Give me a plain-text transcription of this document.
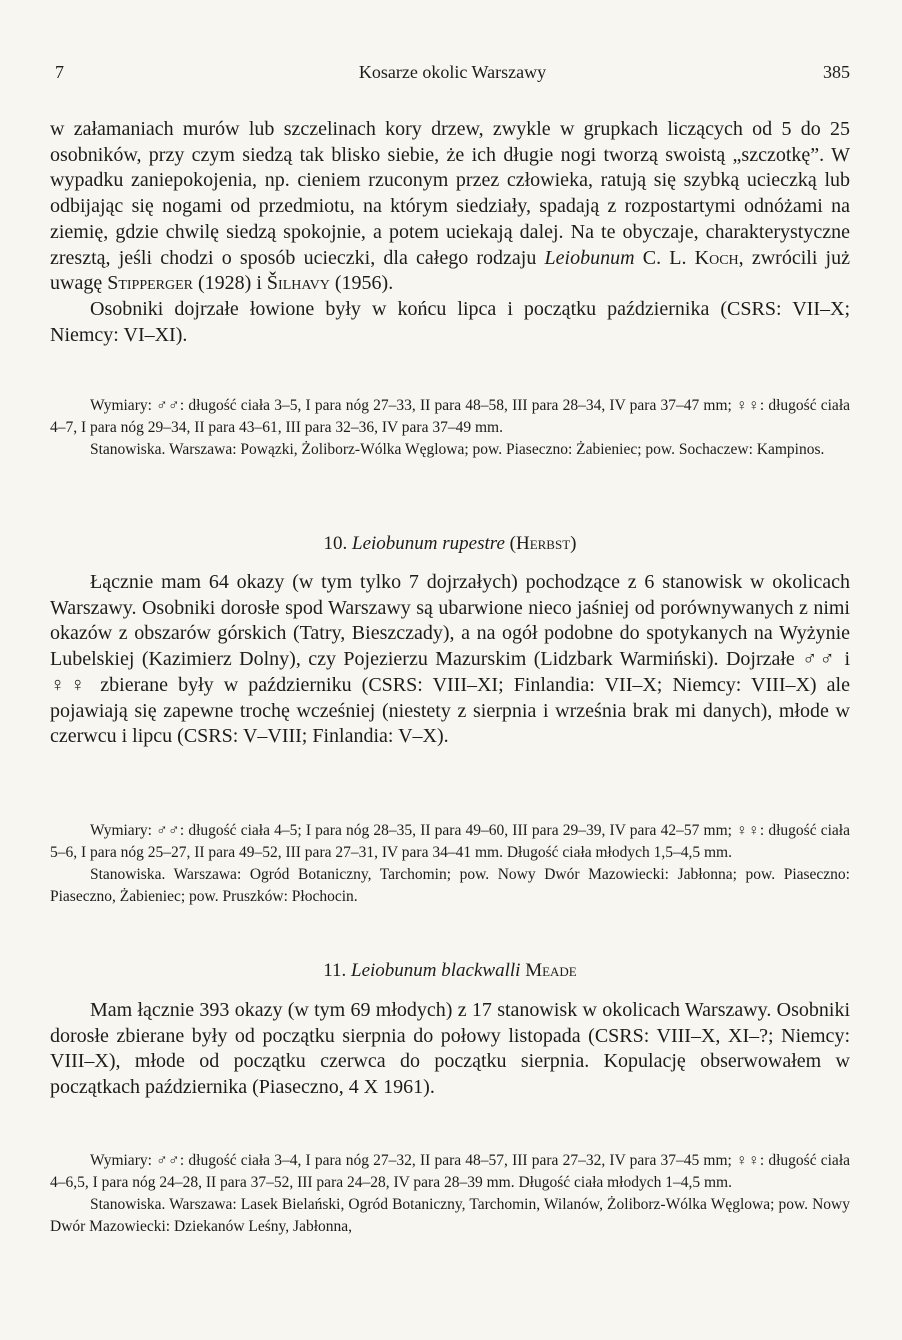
7	Kosarze okolic Warszawy	385

w załamaniach murów lub szczelinach kory drzew, zwykle w grupkach liczących od 5 do 25 osobników, przy czym siedzą tak blisko siebie, że ich długie nogi tworzą swoistą „szczotkę”. W wypadku zaniepokojenia, np. cieniem rzuconym przez człowieka, ratują się szybką ucieczką lub odbijając się nogami od przedmiotu, na którym siedziały, spadają z rozpostartymi odnóżami na ziemię, gdzie chwilę siedzą spokojnie, a potem uciekają dalej. Na te obyczaje, charakterystyczne zresztą, jeśli chodzi o sposób ucieczki, dla całego rodzaju Leiobunum C. L. Koch, zwrócili już uwagę Stipperger (1928) i Šilhavy (1956).

Osobniki dojrzałe łowione były w końcu lipca i początku października (CSRS: VII–X; Niemcy: VI–XI).

Wymiary: ♂♂: długość ciała 3–5, I para nóg 27–33, II para 48–58, III para 28–34, IV para 37–47 mm; ♀♀: długość ciała 4–7, I para nóg 29–34, II para 43–61, III para 32–36, IV para 37–49 mm.

Stanowiska. Warszawa: Powązki, Żoliborz-Wólka Węglowa; pow. Piaseczno: Żabieniec; pow. Sochaczew: Kampinos.

10. Leiobunum rupestre (Herbst)

Łącznie mam 64 okazy (w tym tylko 7 dojrzałych) pochodzące z 6 stanowisk w okolicach Warszawy. Osobniki dorosłe spod Warszawy są ubarwione nieco jaśniej od porównywanych z nimi okazów z obszarów górskich (Tatry, Bieszczady), a na ogół podobne do spotykanych na Wyżynie Lubelskiej (Kazimierz Dolny), czy Pojezierzu Mazurskim (Lidzbark Warmiński). Dojrzałe ♂♂ i ♀♀ zbierane były w październiku (CSRS: VIII–XI; Finlandia: VII–X; Niemcy: VIII–X) ale pojawiają się zapewne trochę wcześniej (niestety z sierpnia i września brak mi danych), młode w czerwcu i lipcu (CSRS: V–VIII; Finlandia: V–X).

Wymiary: ♂♂: długość ciała 4–5; I para nóg 28–35, II para 49–60, III para 29–39, IV para 42–57 mm; ♀♀: długość ciała 5–6, I para nóg 25–27, II para 49–52, III para 27–31, IV para 34–41 mm. Długość ciała młodych 1,5–4,5 mm.

Stanowiska. Warszawa: Ogród Botaniczny, Tarchomin; pow. Nowy Dwór Mazowiecki: Jabłonna; pow. Piaseczno: Piaseczno, Żabieniec; pow. Pruszków: Płochocin.

11. Leiobunum blackwalli Meade

Mam łącznie 393 okazy (w tym 69 młodych) z 17 stanowisk w okolicach Warszawy. Osobniki dorosłe zbierane były od początku sierpnia do połowy listopada (CSRS: VIII–X, XI–?; Niemcy: VIII–X), młode od początku czerwca do początku sierpnia. Kopulację obserwowałem w początkach października (Piaseczno, 4 X 1961).

Wymiary: ♂♂: długość ciała 3–4, I para nóg 27–32, II para 48–57, III para 27–32, IV para 37–45 mm; ♀♀: długość ciała 4–6,5, I para nóg 24–28, II para 37–52, III para 24–28, IV para 28–39 mm. Długość ciała młodych 1–4,5 mm.

Stanowiska. Warszawa: Lasek Bielański, Ogród Botaniczny, Tarchomin, Wilanów, Żoliborz-Wólka Węglowa; pow. Nowy Dwór Mazowiecki: Dziekanów Leśny, Jabłonna,
